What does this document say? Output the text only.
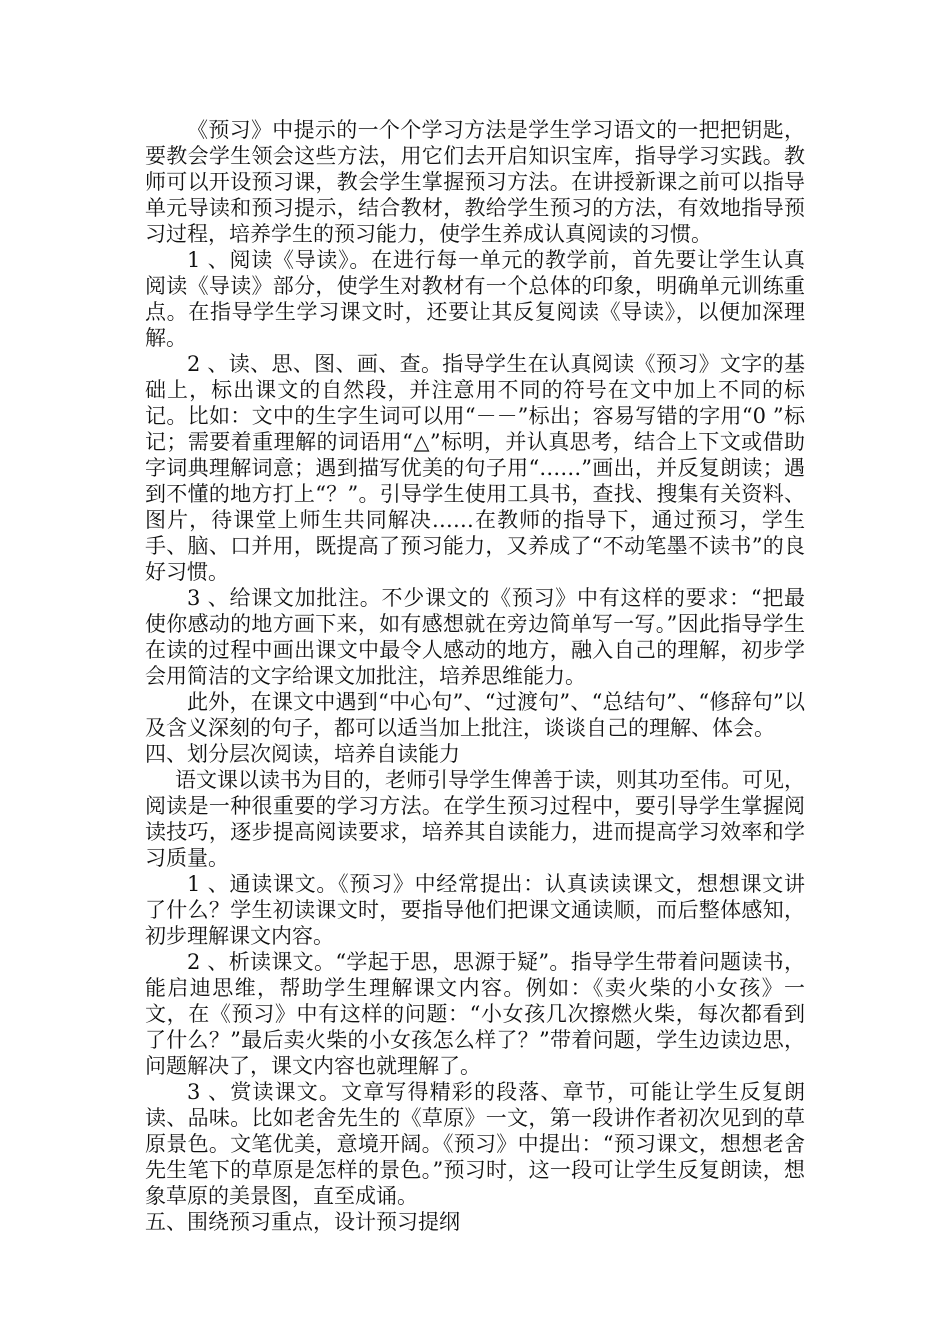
《预习》中提示的一个个学习方法是学生学习语文的一把把钥匙，要教会学生领会这些方法，用它们去开启知识宝库，指导学习实践。教师可以开设预习课，教会学生掌握预习方法。在讲授新课之前可以指导单元导读和预习提示，结合教材，教给学生预习的方法，有效地指导预习过程，培养学生的预习能力，使学生养成认真阅读的习惯。

1 、阅读《导读》。在进行每一单元的教学前，首先要让学生认真阅读《导读》部分，使学生对教材有一个总体的印象，明确单元训练重点。在指导学生学习课文时，还要让其反复阅读《导读》，以便加深理解。

2 、读、思、图、画、查。指导学生在认真阅读《预习》文字的基础上，标出课文的自然段，并注意用不同的符号在文中加上不同的标记。比如：文中的生字生词可以用“－－”标出；容易写错的字用“0 ”标记；需要着重理解的词语用“△”标明，并认真思考，结合上下文或借助字词典理解词意；遇到描写优美的句子用“……”画出，并反复朗读；遇到不懂的地方打上“？”。引导学生使用工具书，查找、搜集有关资料、图片，待课堂上师生共同解决……在教师的指导下，通过预习，学生手、脑、口并用，既提高了预习能力，又养成了“不动笔墨不读书”的良好习惯。

3 、给课文加批注。不少课文的《预习》中有这样的要求：“把最使你感动的地方画下来，如有感想就在旁边简单写一写。”因此指导学生在读的过程中画出课文中最令人感动的地方，融入自己的理解，初步学会用简洁的文字给课文加批注，培养思维能力。

此外，在课文中遇到“中心句”、“过渡句”、“总结句”、“修辞句”以及含义深刻的句子，都可以适当加上批注，谈谈自己的理解、体会。

四、划分层次阅读，培养自读能力

语文课以读书为目的，老师引导学生俾善于读，则其功至伟。可见，阅读是一种很重要的学习方法。在学生预习过程中，要引导学生掌握阅读技巧，逐步提高阅读要求，培养其自读能力，进而提高学习效率和学习质量。

1 、通读课文。《预习》中经常提出：认真读读课文，想想课文讲了什么？学生初读课文时，要指导他们把课文通读顺，而后整体感知，初步理解课文内容。

2 、析读课文。“学起于思，思源于疑”。指导学生带着问题读书，能启迪思维，帮助学生理解课文内容。例如：《卖火柴的小女孩》一文，在《预习》中有这样的问题：“小女孩几次擦燃火柴，每次都看到了什么？”最后卖火柴的小女孩怎么样了？”带着问题，学生边读边思，问题解决了，课文内容也就理解了。

3 、赏读课文。文章写得精彩的段落、章节，可能让学生反复朗读、品味。比如老舍先生的《草原》一文，第一段讲作者初次见到的草原景色。文笔优美，意境开阔。《预习》中提出：“预习课文，想想老舍先生笔下的草原是怎样的景色。”预习时，这一段可让学生反复朗读，想象草原的美景图，直至成诵。

五、围绕预习重点，设计预习提纲
